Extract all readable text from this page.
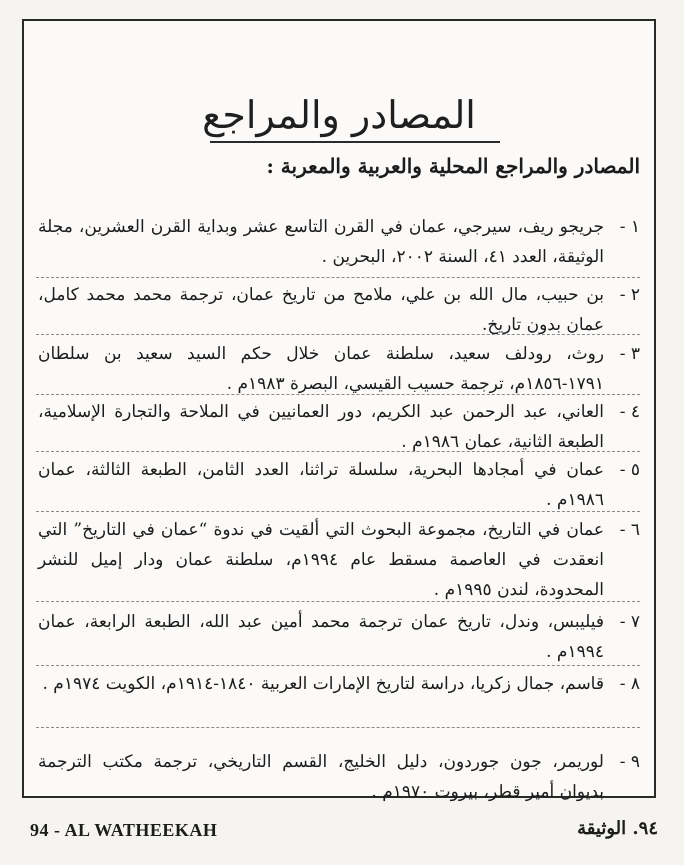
المصادر والمراجع
المصادر والمراجع المحلية والعربية والمعربة :
١ -
جريجو ريف، سيرجي، عمان في القرن التاسع عشر وبداية القرن العشرين، مجلة الوثيقة، العدد ٤١، السنة ٢٠٠٢، البحرين .
٢ -
بن حبيب، مال الله بن علي، ملامح من تاريخ عمان، ترجمة محمد محمد كامل، عمان بدون تاريخ.
٣ -
روث، رودلف سعيد، سلطنة عمان خلال حكم السيد سعيد بن سلطان ١٧٩١-١٨٥٦م، ترجمة حسيب القيسي، البصرة ١٩٨٣م .
٤ -
العاني، عبد الرحمن عبد الكريم، دور العمانيين في الملاحة والتجارة الإسلامية، الطبعة الثانية، عمان ١٩٨٦م .
٥ -
عمان في أمجادها البحرية، سلسلة تراثنا، العدد الثامن، الطبعة الثالثة، عمان ١٩٨٦م .
٦ -
عمان في التاريخ، مجموعة البحوث التي ألقيت في ندوة “عمان في التاريخ” التي انعقدت في العاصمة مسقط عام ١٩٩٤م، سلطنة عمان ودار إميل للنشر المحدودة، لندن ١٩٩٥م .
٧ -
فيليبس، وندل، تاريخ عمان ترجمة محمد أمين عبد الله، الطبعة الرابعة، عمان ١٩٩٤م .
٨ -
قاسم، جمال زكريا، دراسة لتاريخ الإمارات العربية ١٨٤٠-١٩١٤م، الكويت ١٩٧٤م .
٩ -
لوريمر، جون جوردون، دليل الخليج، القسم التاريخي، ترجمة مكتب الترجمة بديوان أمير قطر، بيروت ١٩٧٠م .
94 - AL WATHEEKAH	٩٤. الوثيقة
